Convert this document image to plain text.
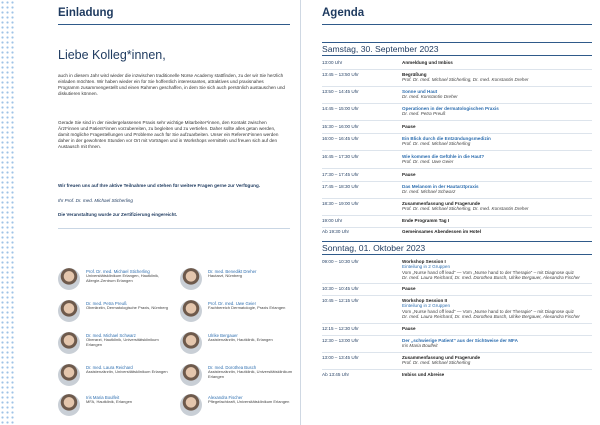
Einladung
Liebe Kolleg*innen,

auch in diesem Jahr wird wieder die inzwischen traditionelle Nürse Academy stattfinden, zu der wir Sie herzlich einladen möchten. Wir haben wieder ein für Sie hoffentlich interessantes, attraktives und praxisnahes Programm zusammengestellt und einen Rahmen geschaffen, in dem Sie sich auch persönlich austauschen und diskutieren können.

Gerade Sie sind in der niedergelassenen Praxis sehr wichtige Mitarbeiter*innen, den Kontakt zwischen Ärzt*innen und Patient*innen vorzubereiten, zu begleiten und zu vertiefen. Daher sollte alles getan werden, damit mögliche Fragestellungen und Probleme auch für Sie aufzuarbeiten. Unser ein Referent*innen werden daher in der gewohnten Stunden vor Ort mit Vorträgen und in Workshops vermitteln und freuen sich auf den Austausch mit Ihnen.

Wir freuen uns auf Ihre aktive Teilnahme und stehen für weitere Fragen gerne zur Verfügung.

Ihr Prof. Dr. med. Michael Sticherling

Die Veranstaltung wurde zur Zertifizierung eingereicht.

Prof. Dr. med. Michael Sticherling
Universitätsklinikum Erlangen, Hautklinik, Allergie-Zentrum Erlangen
Dr. med. Benedikt Dreher
Hautarzt, Nürnberg
Dr. med. Petra Preuß
Oberärztin, Dermatologische Praxis, Nürnberg
Prof. Dr. med. Uwe Geier
Fachbereich Dermatologie, Praxis Erlangen
Dr. med. Michael Schwarz
Oberarzt, Hautklinik, Universitätsklinikum Erlangen
Ulrike Bergauer
Assistenzärztin, Hautklinik, Erlangen
Dr. med. Laura Reichard
Assistenzärztin, Universitätsklinikum Erlangen
Dr. med. Dorothea Busch
Assistenzärztin, Hautklinik, Universitätsklinikum Erlangen
Iris Maria Boulfeit
MFA, Hautklinik, Erlangen
Alexandra Fischer
Pflegefachkraft, Universitätsklinikum Erlangen
Agenda
Samstag, 30. September 2023
13:00 Uhr	Anmeldung und Imbiss
13:45 – 13:50 Uhr	Begrüßung
Prof. Dr. med. Michael Sticherling, Dr. med. Konstantin Dreher
13:50 – 14:45 Uhr	Sonne und Haut
Dr. med. Konstantin Dreher
14:45 – 15:00 Uhr	Operationen in der dermatologischen Praxis
Dr. med. Petra Preuß
15:30 – 16:00 Uhr	Pause
16:00 – 16:45 Uhr	Ein Blick durch die Entzündungsmedizin
Prof. Dr. med. Michael Sticherling
16:45 – 17:30 Uhr	Wie kommen die Gefühle in die Haut?
Prof. Dr. med. Uwe Geier
17:30 – 17:45 Uhr	Pause
17:45 – 18:30 Uhr	Das Melanom in der Hautarztpraxis
Dr. med. Michael Schwarz
18:30 – 19:00 Uhr	Zusammenfassung und Fragerunde
Prof. Dr. med. Michael Sticherling, Dr. med. Konstantin Dreher
19:00 Uhr	Ende Programm Tag I
Ab 19:30 Uhr	Gemeinsames Abendessen im Hotel
Sonntag, 01. Oktober 2023
09:00 – 10:30 Uhr	Workshop Session I
Einteilung in 2 Gruppen
Vom „Nurse hand off lead“ — Vom „Nurse hand to der Therapie“ – mit Diagnose quiz
Dr. med. Laura Reichard, Dr. med. Dorothea Busch, Ulrike Bergauer, Alexandra Fischer
10:30 – 10:45 Uhr	Pause
10:45 – 12:15 Uhr	Workshop Session II
Einteilung in 2 Gruppen
Vom „Nurse hand off lead“ — Vom „Nurse hand to der Therapie“ – mit Diagnose quiz
Dr. med. Laura Reichard, Dr. med. Dorothea Busch, Ulrike Bergauer, Alexandra Fischer
12:15 – 12:30 Uhr	Pause
12:30 – 13:00 Uhr	Der „schwierige Patient“ aus der Sichtweise der MFA
Iris Maria Boulfeit
13:00 – 13:45 Uhr	Zusammenfassung und Fragerunde
Prof. Dr. med. Michael Sticherling
Ab 13:45 Uhr	Imbiss und Abreise
